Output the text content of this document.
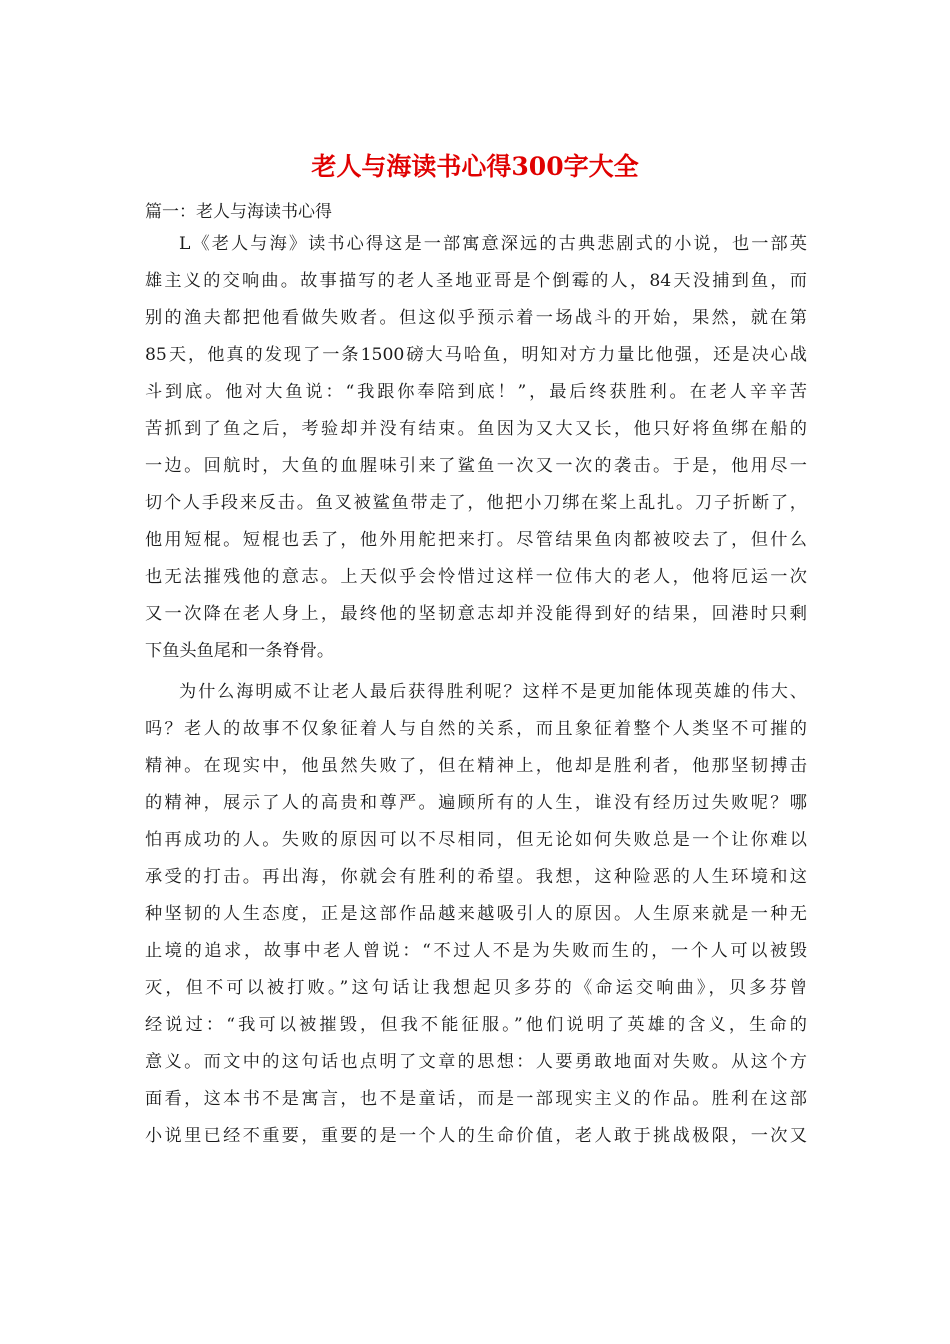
老人与海读书心得300字大全

篇一：老人与海读书心得

L《老人与海》读书心得这是一部寓意深远的古典悲剧式的小说，也一部英
雄主义的交响曲。故事描写的老人圣地亚哥是个倒霉的人，84天没捕到鱼，而
别的渔夫都把他看做失败者。但这似乎预示着一场战斗的开始，果然，就在第
85天，他真的发现了一条1500磅大马哈鱼，明知对方力量比他强，还是决心战
斗到底。他对大鱼说：“我跟你奉陪到底！”，最后终获胜利。在老人辛辛苦
苦抓到了鱼之后，考验却并没有结束。鱼因为又大又长，他只好将鱼绑在船的
一边。回航时，大鱼的血腥味引来了鲨鱼一次又一次的袭击。于是，他用尽一
切个人手段来反击。鱼叉被鲨鱼带走了，他把小刀绑在桨上乱扎。刀子折断了，
他用短棍。短棍也丢了，他外用舵把来打。尽管结果鱼肉都被咬去了，但什么
也无法摧残他的意志。上天似乎会怜惜过这样一位伟大的老人，他将厄运一次
又一次降在老人身上，最终他的坚韧意志却并没能得到好的结果，回港时只剩
下鱼头鱼尾和一条脊骨。
为什么海明威不让老人最后获得胜利呢？这样不是更加能体现英雄的伟大、
吗？老人的故事不仅象征着人与自然的关系，而且象征着整个人类坚不可摧的
精神。在现实中，他虽然失败了，但在精神上，他却是胜利者，他那坚韧搏击
的精神，展示了人的高贵和尊严。遍顾所有的人生，谁没有经历过失败呢？哪
怕再成功的人。失败的原因可以不尽相同，但无论如何失败总是一个让你难以
承受的打击。再出海，你就会有胜利的希望。我想，这种险恶的人生环境和这
种坚韧的人生态度，正是这部作品越来越吸引人的原因。人生原来就是一种无
止境的追求，故事中老人曾说：“不过人不是为失败而生的，一个人可以被毁
灭，但不可以被打败。”这句话让我想起贝多芬的《命运交响曲》，贝多芬曾
经说过：“我可以被摧毁，但我不能征服。”他们说明了英雄的含义，生命的
意义。而文中的这句话也点明了文章的思想：人要勇敢地面对失败。从这个方
面看，这本书不是寓言，也不是童话，而是一部现实主义的作品。胜利在这部
小说里已经不重要，重要的是一个人的生命价值，老人敢于挑战极限，一次又
